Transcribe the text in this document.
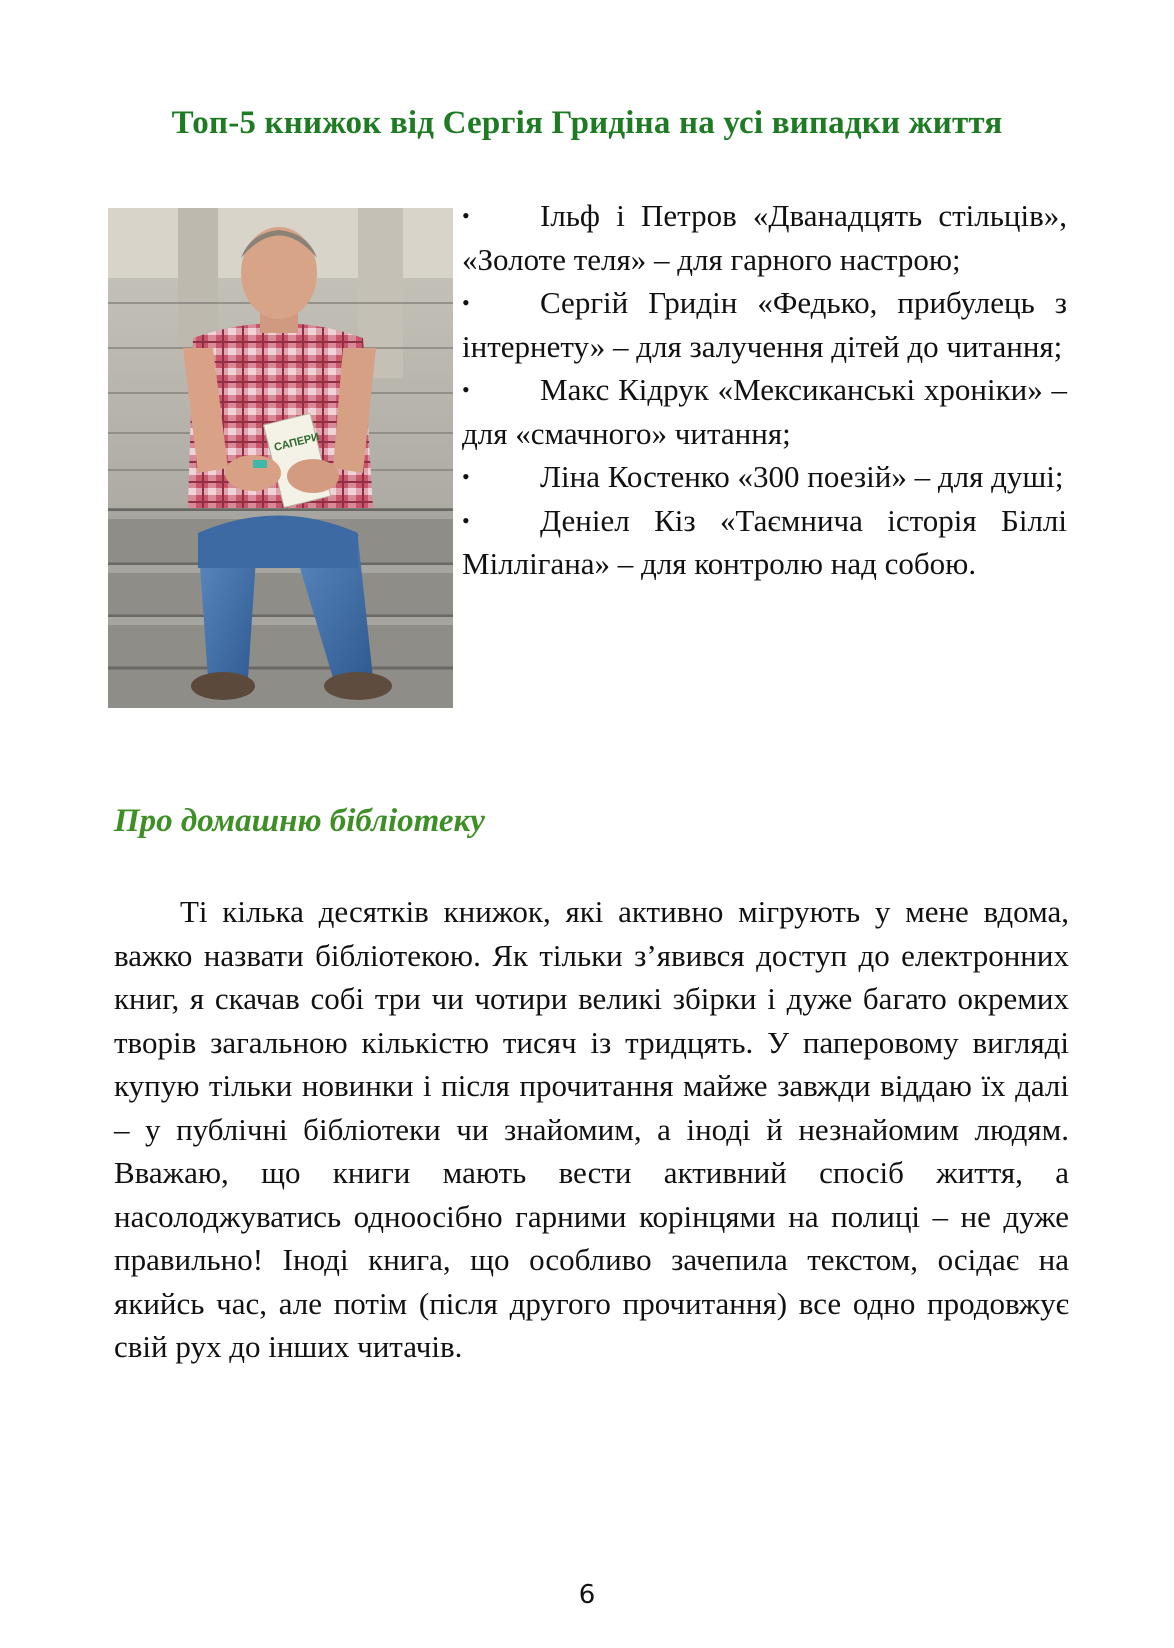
Топ-5 книжок від Сергія Гридіна на усі випадки життя
САПЕРИ
• Ільф і Петров «Дванадцять стільців», «Золоте теля» – для гарного настрою;
• Сергій Гридін «Федько, прибулець з інтернету» – для залучення дітей до читання;
• Макс Кідрук «Мексиканські хроніки» – для «смачного» читання;
• Ліна Костенко «300 поезій» – для душі;
• Деніел Кіз «Таємнича історія Біллі Міллігана» – для контролю над собою.
Про домашню бібліотеку

Ті кілька десятків книжок, які активно мігрують у мене вдома, важко назвати бібліотекою. Як тільки з’явився доступ до електронних книг, я скачав собі три чи чотири великі збірки і дуже багато окремих творів загальною кількістю тисяч із тридцять. У паперовому вигляді купую тільки новинки і після прочитання майже завжди віддаю їх далі – у публічні бібліотеки чи знайомим, а іноді й незнайомим людям. Вважаю, що книги мають вести активний спосіб життя, а насолоджуватись одноосібно гарними корінцями на полиці – не дуже правильно! Іноді книга, що особливо зачепила текстом, осідає на якийсь час, але потім (після другого прочитання) все одно продовжує свій рух до інших читачів.

6
